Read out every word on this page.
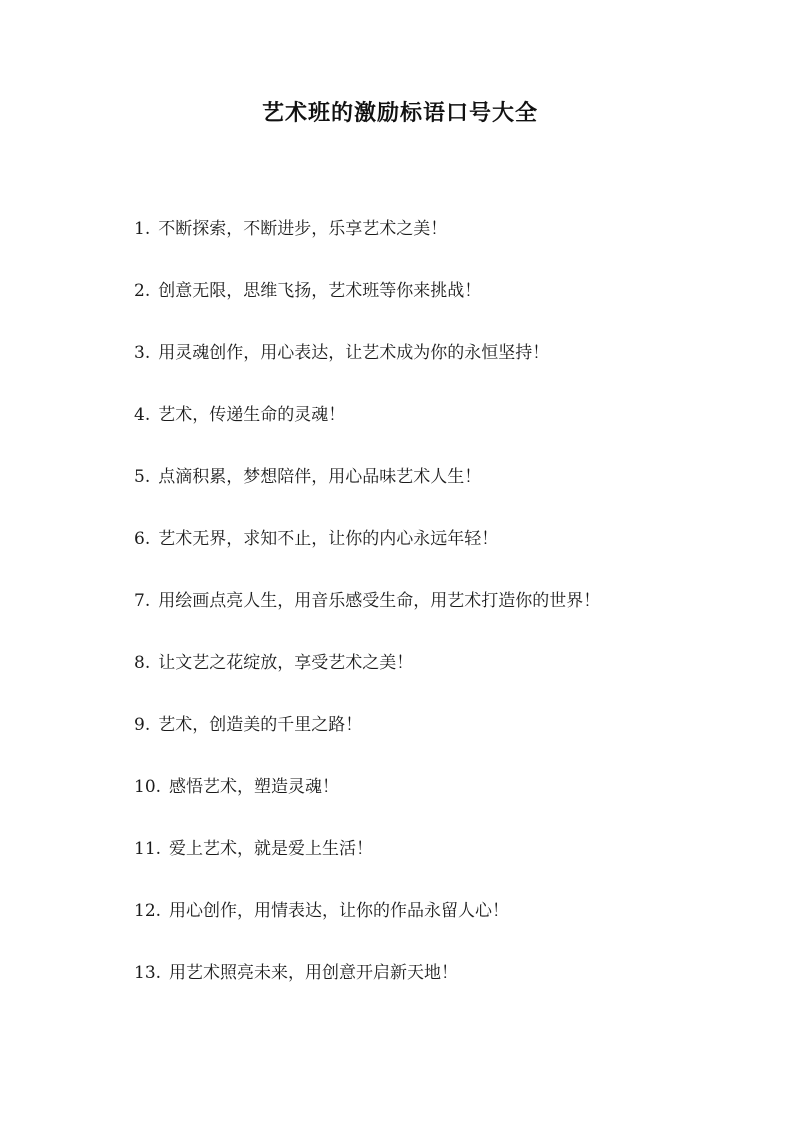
艺术班的激励标语口号大全
1. 不断探索，不断进步，乐享艺术之美！
2. 创意无限，思维飞扬，艺术班等你来挑战！
3. 用灵魂创作，用心表达，让艺术成为你的永恒坚持！
4. 艺术，传递生命的灵魂！
5. 点滴积累，梦想陪伴，用心品味艺术人生！
6. 艺术无界，求知不止，让你的内心永远年轻！
7. 用绘画点亮人生，用音乐感受生命，用艺术打造你的世界！
8. 让文艺之花绽放，享受艺术之美！
9. 艺术，创造美的千里之路！
10. 感悟艺术，塑造灵魂！
11. 爱上艺术，就是爱上生活！
12. 用心创作，用情表达，让你的作品永留人心！
13. 用艺术照亮未来，用创意开启新天地！
